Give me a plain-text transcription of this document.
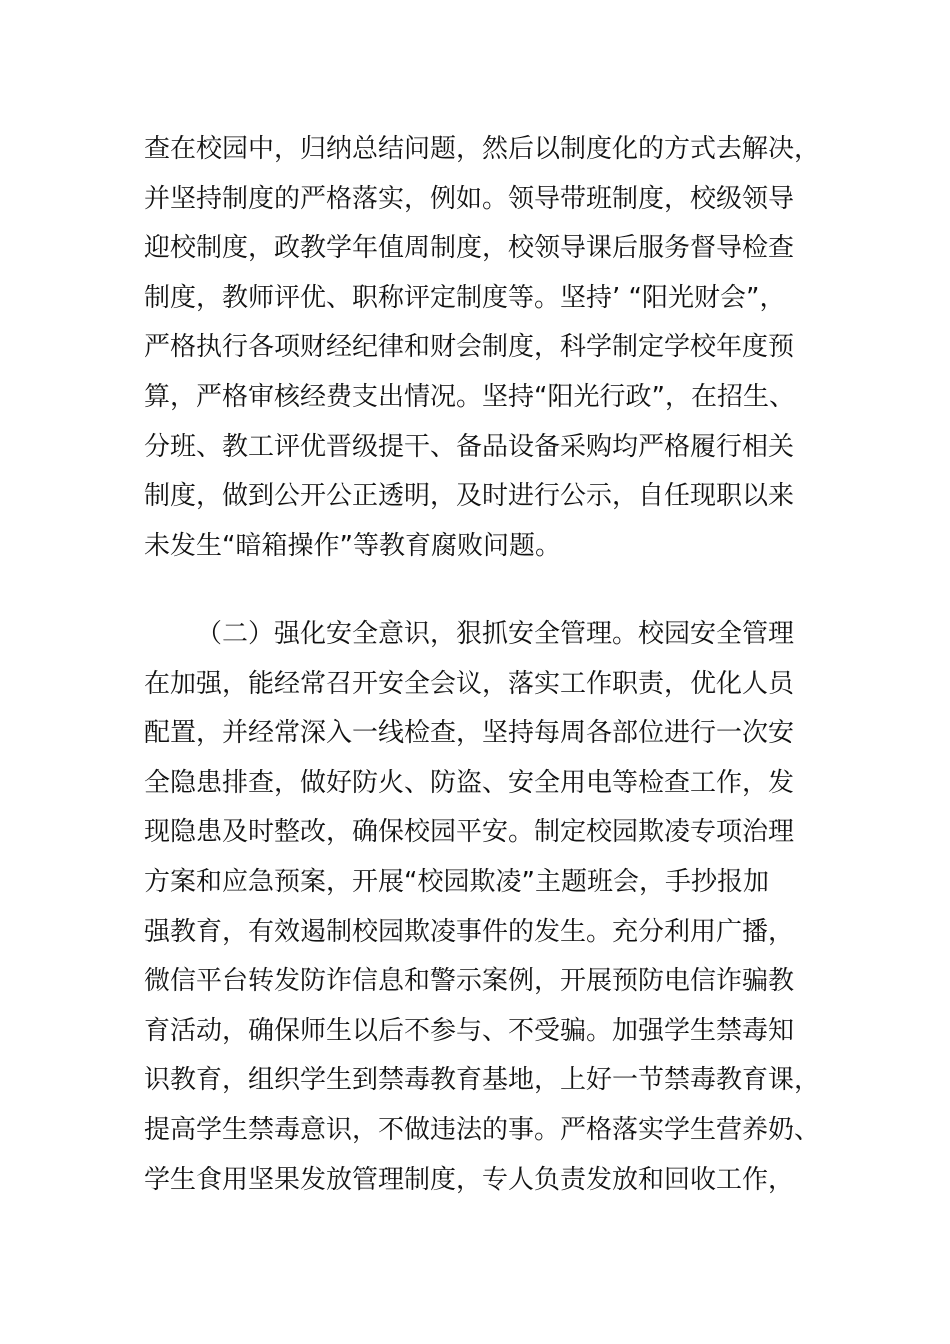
查在校园中，归纳总结问题，然后以制度化的方式去解决，
并坚持制度的严格落实，例如。领导带班制度，校级领导
迎校制度，政教学年值周制度，校领导课后服务督导检查
制度，教师评优、职称评定制度等。坚持’ “阳光财会”，
严格执行各项财经纪律和财会制度，科学制定学校年度预
算，严格审核经费支出情况。坚持“阳光行政”，在招生、
分班、教工评优晋级提干、备品设备采购均严格履行相关
制度，做到公开公正透明，及时进行公示，自任现职以来
未发生“暗箱操作”等教育腐败问题。
（二）强化安全意识，狠抓安全管理。校园安全管理
在加强，能经常召开安全会议，落实工作职责，优化人员
配置，并经常深入一线检查，坚持每周各部位进行一次安
全隐患排查，做好防火、防盗、安全用电等检查工作，发
现隐患及时整改，确保校园平安。制定校园欺凌专项治理
方案和应急预案，开展“校园欺凌”主题班会，手抄报加
强教育，有效遏制校园欺凌事件的发生。充分利用广播，
微信平台转发防诈信息和警示案例，开展预防电信诈骗教
育活动，确保师生以后不参与、不受骗。加强学生禁毒知
识教育，组织学生到禁毒教育基地，上好一节禁毒教育课，
提高学生禁毒意识，不做违法的事。严格落实学生营养奶、
学生食用坚果发放管理制度，专人负责发放和回收工作，
